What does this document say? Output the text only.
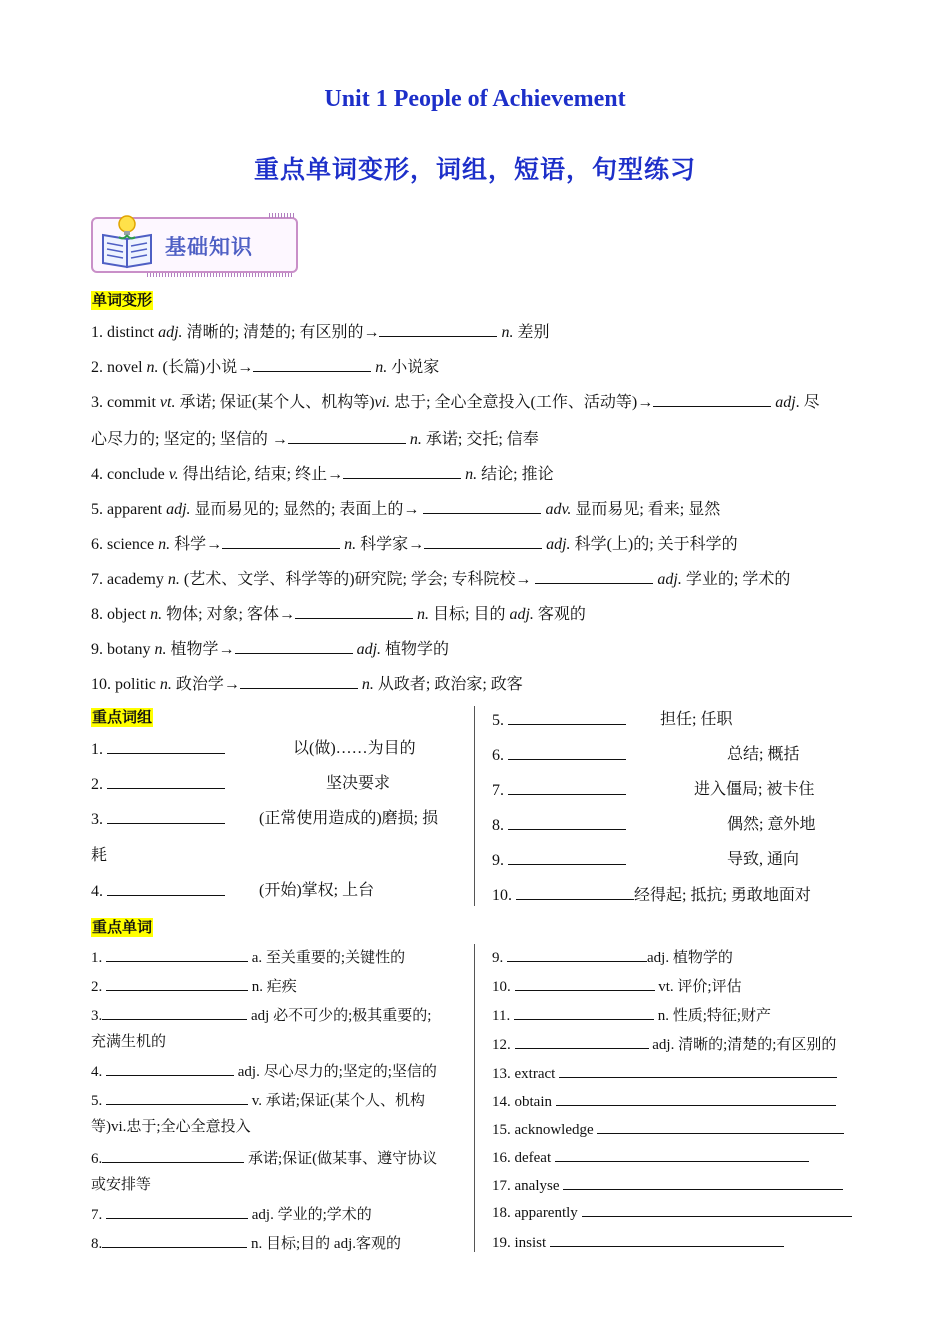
Unit 1 People of Achievement
重点单词变形，词组，短语，句型练习
基础知识
单词变形
1. distinct adj. 清晰的; 清楚的; 有区别的→	n. 差别
2. novel n. (长篇)小说→	n. 小说家
3. commit vt. 承诺; 保证(某个人、机构等)vi. 忠于; 全心全意投入(工作、活动等)→	adj. 尽
心尽力的; 坚定的; 坚信的 →	n. 承诺; 交托; 信奉
4. conclude v. 得出结论, 结束; 终止→	n. 结论; 推论
5. apparent adj. 显而易见的; 显然的; 表面上的→	adv. 显而易见; 看来; 显然
6. science n. 科学→	n. 科学家→	adj. 科学(上)的; 关于科学的
7. academy n. (艺术、文学、科学等的)研究院; 学会; 专科院校→	adj. 学业的; 学术的
8. object n. 物体; 对象; 客体→	n. 目标; 目的 adj. 客观的
9. botany n. 植物学→	adj. 植物学的
10. politic n. 政治学→	n. 从政者; 政治家; 政客
重点词组
1.	以(做)……为目的
2.	坚决要求
3.	(正常使用造成的)磨损; 损
耗
4.	(开始)掌权; 上台
5.	担任; 任职
6.	总结; 概括
7.	进入僵局; 被卡住
8.	偶然; 意外地
9.	导致, 通向
10.	经得起; 抵抗; 勇敢地面对
重点单词
1.	a. 至关重要的;关键性的
2.	n. 疟疾
3.	adj 必不可少的;极其重要的;
充满生机的
4.	adj. 尽心尽力的;坚定的;坚信的
5.	v. 承诺;保证(某个人、机构
等)vi.忠于;全心全意投入
6.	承诺;保证(做某事、遵守协议
或安排等
7.	adj. 学业的;学术的
8.	n. 目标;目的 adj.客观的
9.	adj. 植物学的
10.	vt. 评价;评估
11.	n. 性质;特征;财产
12.	adj. 清晰的;清楚的;有区别的
13. extract
14. obtain
15. acknowledge
16. defeat
17. analyse
18. apparently
19. insist
